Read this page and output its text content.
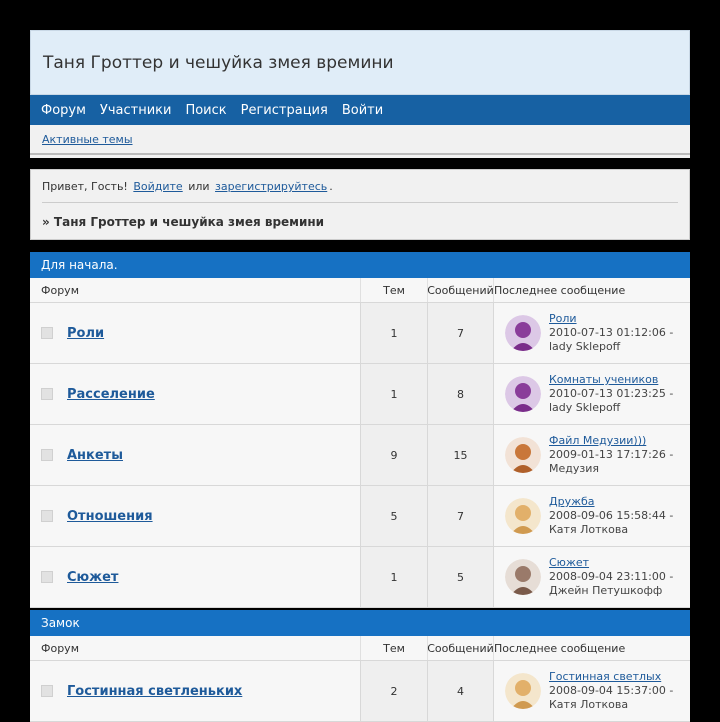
Таня Гроттер и чешуйка змея времини
Форум	Участники	Поиск	Регистрация	Войти
Активные темы
Привет, Гость! Войдите или зарегистрируйтесь .
» Таня Гроттер и чешуйка змея времини
Для начала.
Форум	Тем	Сообщений Последнее сообщение
Роли	1	7
Роли
2010-07-13 01:12:06 -
lady Sklepoff
Расселение	1	8
Комнаты учеников
2010-07-13 01:23:25 -
lady Sklepoff
Анкеты	9	15
Файл Медузии)))
2009-01-13 17:17:26 -
Медузия
Отношения	5	7
Дружба
2008-09-06 15:58:44 -
Катя Лоткова
Сюжет	1	5
Сюжет
2008-09-04 23:11:00 -
Джейн Петушкофф
Замок
Форум	Тем	Сообщений Последнее сообщение
Гостинная светленьких	2	4
Гостинная светлых
2008-09-04 15:37:00 -
Катя Лоткова
